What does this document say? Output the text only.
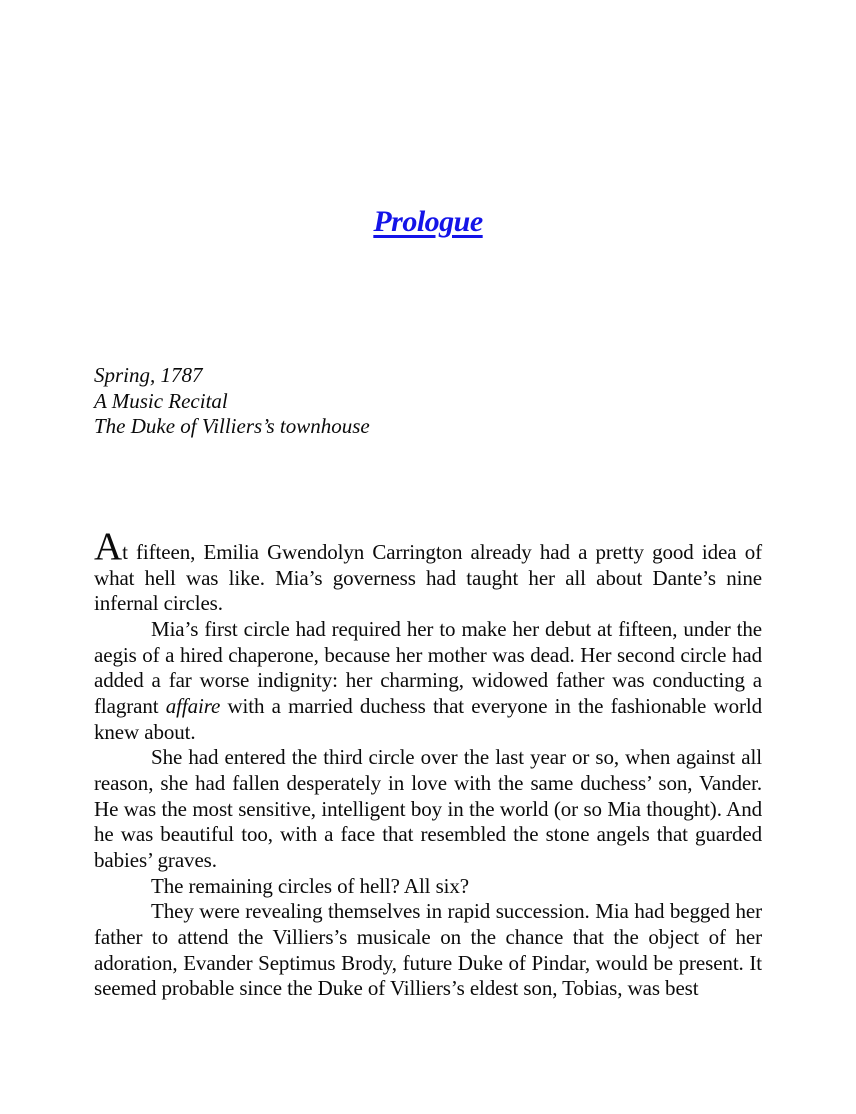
Prologue

Spring, 1787

A Music Recital

The Duke of Villiers’s townhouse

At fifteen, Emilia Gwendolyn Carrington already had a pretty good idea of what hell was like. Mia’s governess had taught her all about Dante’s nine infernal circles.

Mia’s first circle had required her to make her debut at fifteen, under the aegis of a hired chaperone, because her mother was dead. Her second circle had added a far worse indignity: her charming, widowed father was conducting a flagrant affaire with a married duchess that everyone in the fashionable world knew about.

She had entered the third circle over the last year or so, when against all reason, she had fallen desperately in love with the same duchess’ son, Vander. He was the most sensitive, intelligent boy in the world (or so Mia thought). And he was beautiful too, with a face that resembled the stone angels that guarded babies’ graves.

The remaining circles of hell? All six?

They were revealing themselves in rapid succession. Mia had begged her father to attend the Villiers’s musicale on the chance that the object of her adoration, Evander Septimus Brody, future Duke of Pindar, would be present. It seemed probable since the Duke of Villiers’s eldest son, Tobias, was best
